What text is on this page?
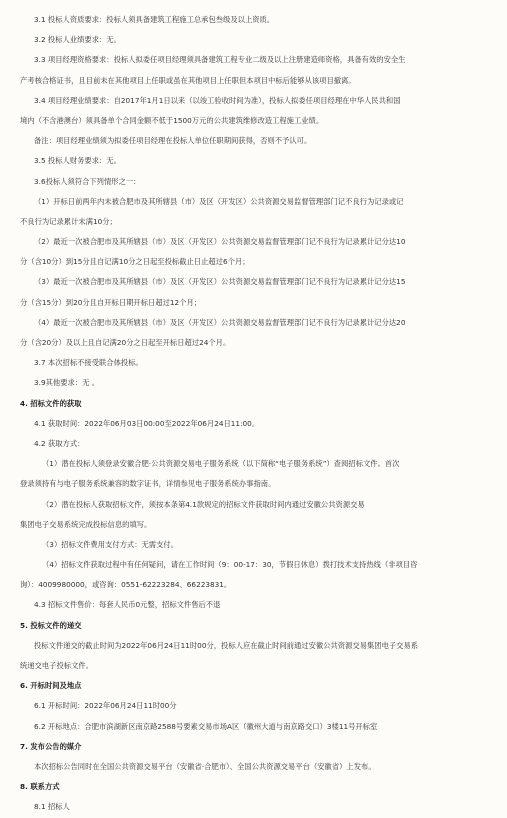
3.1 投标人资质要求：投标人须具备建筑工程施工总承包叁级及以上资质。
3.2 投标人业绩要求：无。
3.3 项目经理资格要求：投标人拟委任项目经理须具备建筑工程专业二级及以上注册建造师资格，具备有效的安全生
产考核合格证书，且目前未在其他项目上任职或虽在其他项目上任职但本项目中标后能够从该项目撤离。
3.4 项目经理业绩要求：自2017年1月1日以来（以竣工验收时间为准），投标人拟委任项目经理在中华人民共和国
境内（不含港澳台）须具备单个合同金额不低于1500万元的公共建筑维修改造工程施工业绩。
备注：项目经理业绩须为拟委任项目经理在投标人单位任职期间获得，否则不予认可。
3.5 投标人财务要求：无。
3.6投标人须符合下列情形之一：
（1）开标日前两年内未被合肥市及其所辖县（市）及区（开发区）公共资源交易监督管理部门记不良行为记录或记
不良行为记录累计未满10分；
（2）最近一次被合肥市及其所辖县（市）及区（开发区）公共资源交易监督管理部门记不良行为记录累计记分达10
分（含10分）到15分且自记满10分之日起至投标截止日止超过6个月；
（3）最近一次被合肥市及其所辖县（市）及区（开发区）公共资源交易监督管理部门记不良行为记录累计记分达15
分（含15分）到20分且自开标日期开标日超过12个月；
（4）最近一次被合肥市及其所辖县（市）及区（开发区）公共资源交易监督管理部门记不良行为记录累计记分达20
分（含20分）及以上且自记满20分之日起至开标日超过24个月。
3.7 本次招标不接受联合体投标。
3.9其他要求：无 。
4. 招标文件的获取
4.1 获取时间：2022年06月03日00:00至2022年06月24日11:00。
4.2 获取方式：
（1）潜在投标人须登录安徽合肥·公共资源交易电子服务系统（以下简称“电子服务系统”）查阅招标文件。首次
登录须持有与电子服务系统兼容的数字证书，详情参见电子服务系统办事指南。
（2）潜在投标人获取招标文件，须按本条第4.1款规定的招标文件获取时间内通过安徽公共资源交易
集团电子交易系统完成投标信息的填写。
（3）招标文件费用支付方式：无需支付。
（4）招标文件获取过程中有任何疑问，请在工作时间（9：00-17：30，节假日休息）拨打技术支持热线（非项目咨
询）：4009980000，或咨询：0551-62223284、66223831。
4.3 招标文件售价：每套人民币0元整，招标文件售后不退
5. 投标文件的递交
投标文件递交的截止时间为2022年06月24日11时00分，投标人应在截止时间前通过安徽公共资源交易集团电子交易系
统递交电子投标文件。
6. 开标时间及地点
6.1 开标时间：2022年06月24日11时00分
6.2 开标地点：合肥市滨湖新区南京路2588号要素交易市场A区（徽州大道与南京路交口）3楼11号开标室
7. 发布公告的媒介
本次招标公告同时在全国公共资源交易平台（安徽省·合肥市）、全国公共资源交易平台（安徽省）上发布。
8. 联系方式
8.1 招标人
